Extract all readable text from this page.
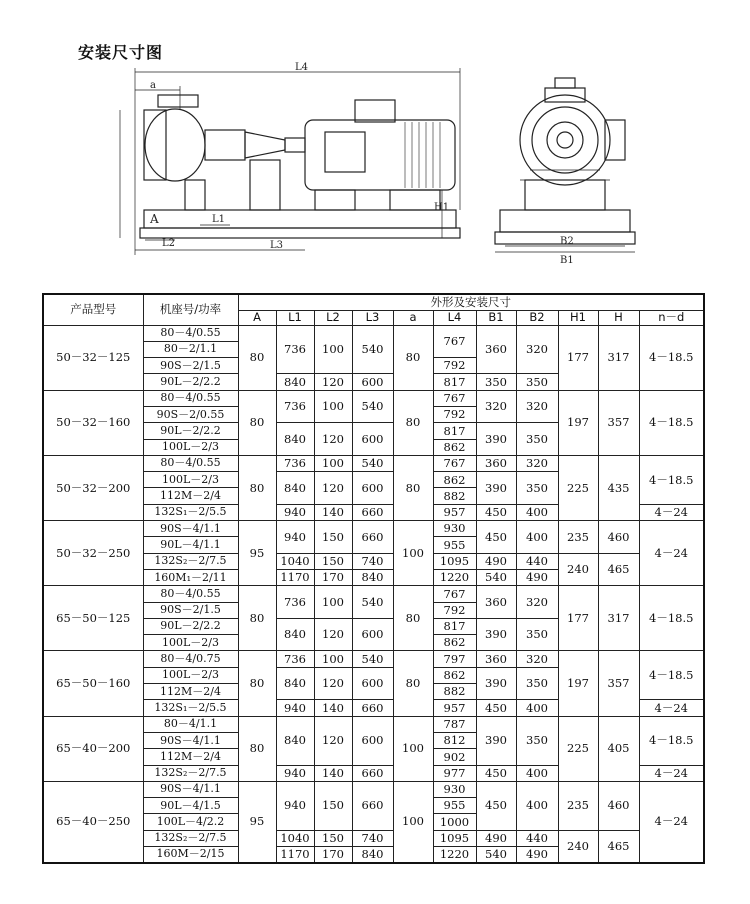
安装尺寸图
L4
a
A
L2	L3
L1
H1
B2
B1
产品型号	机座号/功率	外形及安装尺寸										
		A	L1	L2	L3	a	L4	B1	B2	H1	H	n－d
50－32－125	80－4/0.55	80	736	100	540	80	767	360	320	177	317	4－18.5
	80－2/1.1											
	90S－2/1.5						792					
	90L－2/2.2		840	120	600		817	350	350			
50－32－160	80－4/0.55	80	736	100	540	80	767	320	320	197	357	4－18.5
	90S－2/0.55						792					
	90L－2/2.2		840	120	600		817	390	350			
	100L－2/3						862					
50－32－200	80－4/0.55	80	736	100	540	80	767	360	320	225	435	4－18.5
	100L－2/3		840	120	600		862	390	350			
	112M－2/4						882					
	132S₁－2/5.5		940	140	660		957	450	400			4－24
50－32－250	90S－4/1.1	95	940	150	660	100	930	450	400	235	460	4－24
	90L－4/1.1						955					
	132S₂－2/7.5		1040	150	740		1095	490	440	240	465	
	160M₁－2/11		1170	170	840		1220	540	490			
65－50－125	80－4/0.55	80	736	100	540	80	767	360	320	177	317	4－18.5
	90S－2/1.5						792					
	90L－2/2.2		840	120	600		817	390	350			
	100L－2/3						862					
65－50－160	80－4/0.75	80	736	100	540	80	797	360	320	197	357	4－18.5
	100L－2/3		840	120	600		862	390	350			
	112M－2/4						882					
	132S₁－2/5.5		940	140	660		957	450	400			4－24
65－40－200	80－4/1.1	80	840	120	600	100	787	390	350	225	405	4－18.5
	90S－4/1.1						812					
	112M－2/4						902					
	132S₂－2/7.5		940	140	660		977	450	400			4－24
65－40－250	90S－4/1.1	95	940	150	660	100	930	450	400	235	460	4－24
	90L－4/1.5						955					
	100L－4/2.2						1000					
	132S₂－2/7.5		1040	150	740		1095	490	440	240	465	
	160M－2/15		1170	170	840		1220	540	490			
